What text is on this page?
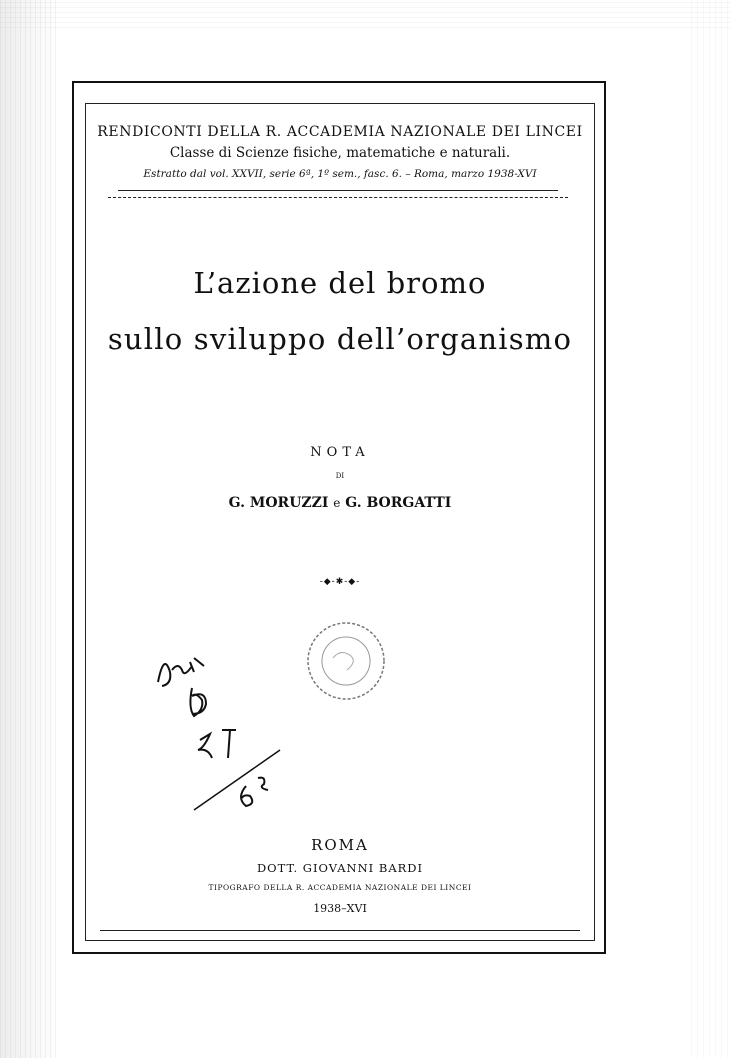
RENDICONTI DELLA R. ACCADEMIA NAZIONALE DEI LINCEI
Classe di Scienze fisiche, matematiche e naturali.
Estratto dal vol. XXVII, serie 6ª, 1º sem., fasc. 6. – Roma, marzo 1938-XVI
L’azione del bromo
sullo sviluppo dell’organismo
NOTA
DI
G. MORUZZI e G. BORGATTI
-◆-✱-◆-
ROMA
DOTT. GIOVANNI BARDI
TIPOGRAFO DELLA R. ACCADEMIA NAZIONALE DEI LINCEI
1938–XVI
